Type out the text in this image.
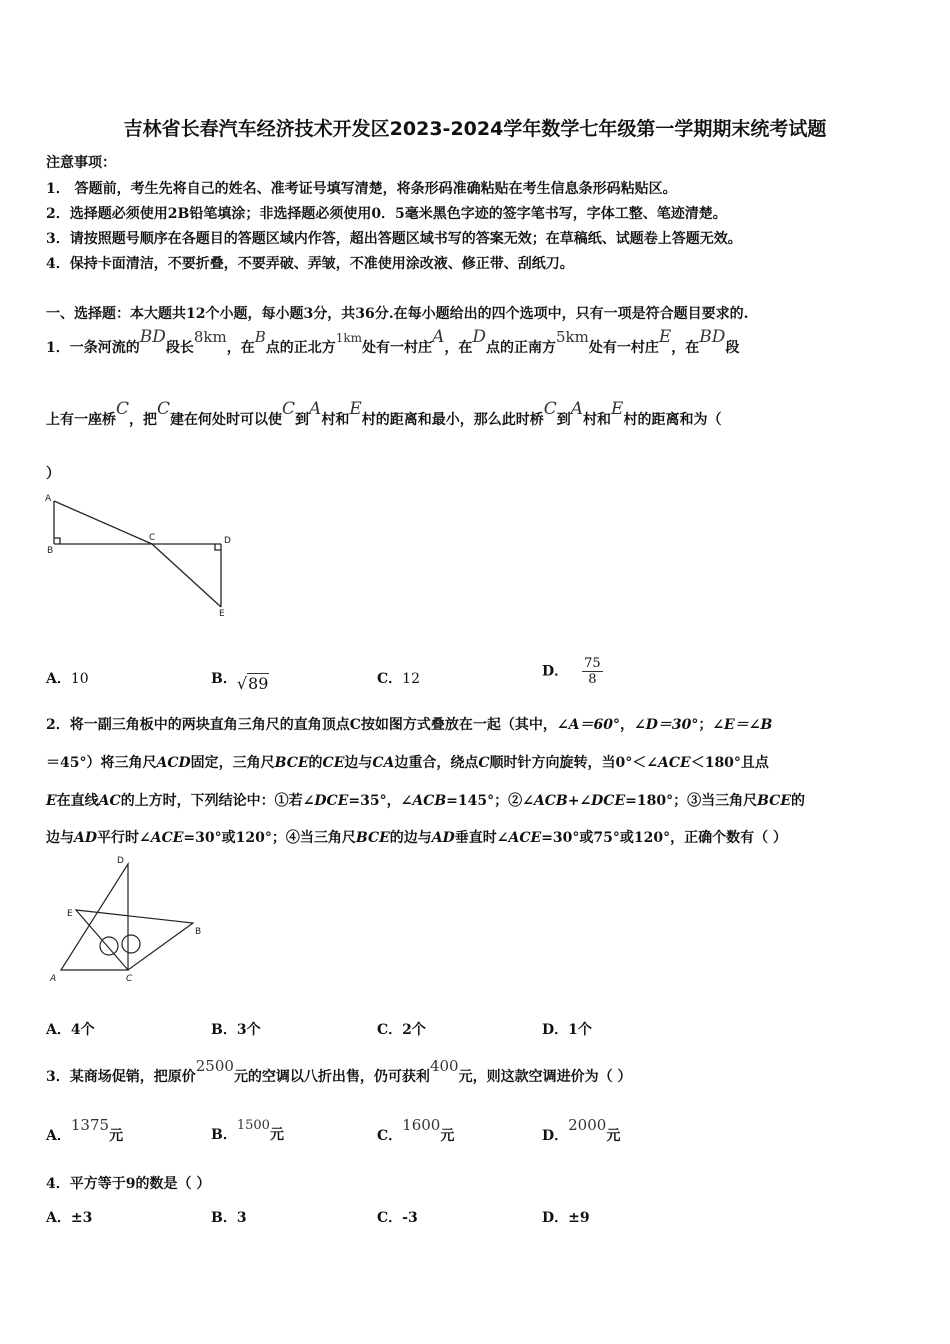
吉林省长春汽车经济技术开发区2023-2024学年数学七年级第一学期期末统考试题
注意事项：
1． 答题前，考生先将自己的姓名、准考证号填写清楚，将条形码准确粘贴在考生信息条形码粘贴区。
2．选择题必须使用2B铅笔填涂；非选择题必须使用0．5毫米黑色字迹的签字笔书写，字体工整、笔迹清楚。
3．请按照题号顺序在各题目的答题区域内作答，超出答题区域书写的答案无效；在草稿纸、试题卷上答题无效。
4．保持卡面清洁，不要折叠，不要弄破、弄皱，不准使用涂改液、修正带、刮纸刀。
一、选择题：本大题共12个小题，每小题3分，共36分.在每小题给出的四个选项中，只有一项是符合题目要求的.
1．一条河流的BD段长8km，在B点的正北方1km处有一村庄A，在D点的正南方5km处有一村庄E，在BD段
上有一座桥C，把C建在何处时可以使C到A村和E村的距离和最小，那么此时桥C到A村和E村的距离和为（
）
A
B
C	D
E
A．10	B．√89	C．12	D． $\frac{75}{8}$
2．将一副三角板中的两块直角三角尺的直角顶点C按如图方式叠放在一起（其中，∠A＝60°，∠D＝30°；∠E＝∠B
＝45°）将三角尺ACD固定，三角尺BCE的CE边与CA边重合，绕点C顺时针方向旋转，当0°＜∠ACE＜180°且点
E在直线AC的上方时，下列结论中：①若∠DCE=35°，∠ACB=145°；②∠ACB+∠DCE=180°；③当三角尺BCE的
边与AD平行时∠ACE=30°或120°；④当三角尺BCE的边与AD垂直时∠ACE=30°或75°或120°，正确个数有（ ）
D
E
B
A	C
A．4个	B．3个	C．2个	D．1个
3．某商场促销，把原价2500元的空调以八折出售，仍可获利400元，则这款空调进价为（ ）
A．1375元	B．1500元	C．1600元	D．2000元
4．平方等于9的数是（ ）
A．±3	B．3	C．-3	D．±9
